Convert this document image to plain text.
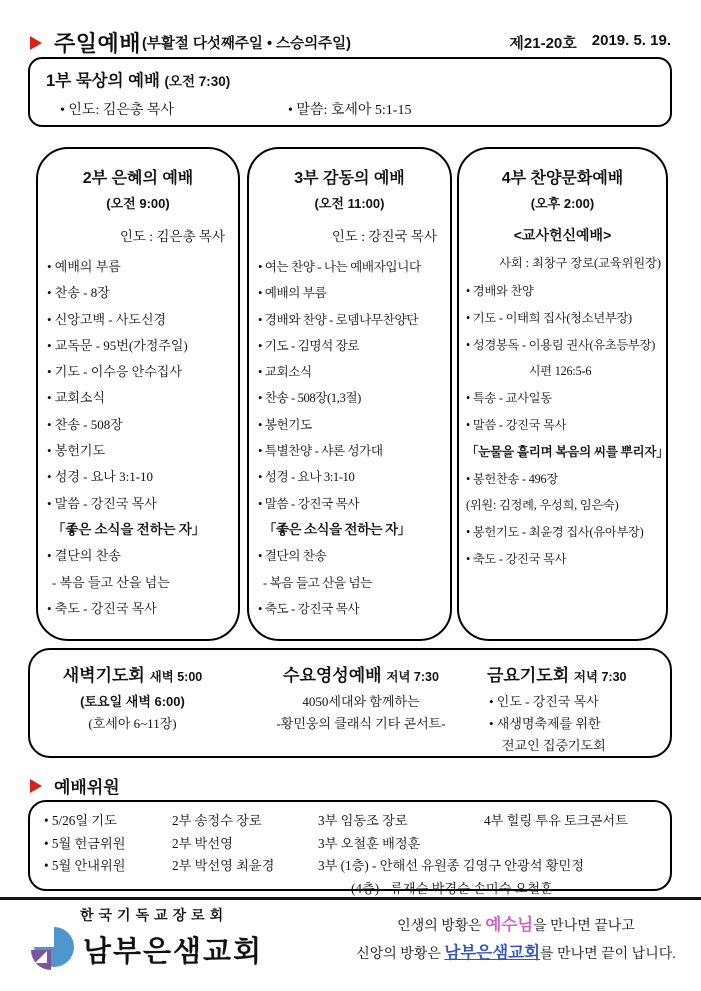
주일예배 (부활절 다섯째주일 • 스승의주일)	제21-20호 2019. 5. 19.
1부 묵상의 예배 (오전 7:30)
• 인도: 김은총 목사	• 말씀: 호세아 5:1-15
2부 은혜의 예배
(오전 9:00)
인도 : 김은총 목사
• 예배의 부름
• 찬송 - 8장
• 신앙고백 - 사도신경
• 교독문 - 95번(가정주일)
• 기도 - 이수응 안수집사
• 교회소식
• 찬송 - 508장
• 봉헌기도
• 성경 - 요나 3:1-10
• 말씀 - 강진국 목사
「좋은 소식을 전하는 자」
• 결단의 찬송
- 복음 들고 산을 넘는
• 축도 - 강진국 목사
3부 감동의 예배
(오전 11:00)
인도 : 강진국 목사
• 여는 찬양 - 나는 예배자입니다
• 예배의 부름
• 경배와 찬양 - 로뎀나무찬양단
• 기도 - 김명석 장로
• 교회소식
• 찬송 - 508장(1,3절)
• 봉헌기도
• 특별찬양 - 샤론 성가대
• 성경 - 요나 3:1-10
• 말씀 - 강진국 목사
「좋은 소식을 전하는 자」
• 결단의 찬송
- 복음 들고 산을 넘는
• 축도 - 강진국 목사
4부 찬양문화예배
(오후 2:00)
<교사헌신예배>
사회 : 최창구 장로(교육위원장)
• 경배와 찬양
• 기도 - 이태희 집사(청소년부장)
• 성경봉독 - 이용림 권사(유초등부장)
시편 126:5-6
• 특송 - 교사일동
• 말씀 - 강진국 목사
「눈물을 흘리며 복음의 씨를 뿌리자」
• 봉헌찬송 - 496장
(위원: 김정례, 우성희, 임은숙)
• 봉헌기도 - 최윤경 집사(유아부장)
• 축도 - 강진국 목사
새벽기도회 새벽 5:00
(토요일 새벽 6:00)
(호세아 6~11장)
수요영성예배 저녁 7:30
4050세대와 함께하는
-황민웅의 클래식 기타 콘서트-
금요기도회 저녁 7:30
• 인도 - 강진국 목사
• 새생명축제를 위한
전교인 집중기도회
예배위원
• 5/26일 기도	2부 송정수 장로	3부 임동조 장로	4부 힐링 투유 토크콘서트
• 5월 헌금위원	2부 박선영	3부 오철훈 배정훈
• 5월 안내위원	2부 박선영 최윤경	3부 (1층) - 안해선 유원종 김영구 안광석 황민정
(4층) - 류재순 박경순 손미숙 오철훈
한국기독교장로회
남부은샘교회
인생의 방황은 예수님을 만나면 끝나고
신앙의 방황은 남부은샘교회를 만나면 끝이 납니다.
